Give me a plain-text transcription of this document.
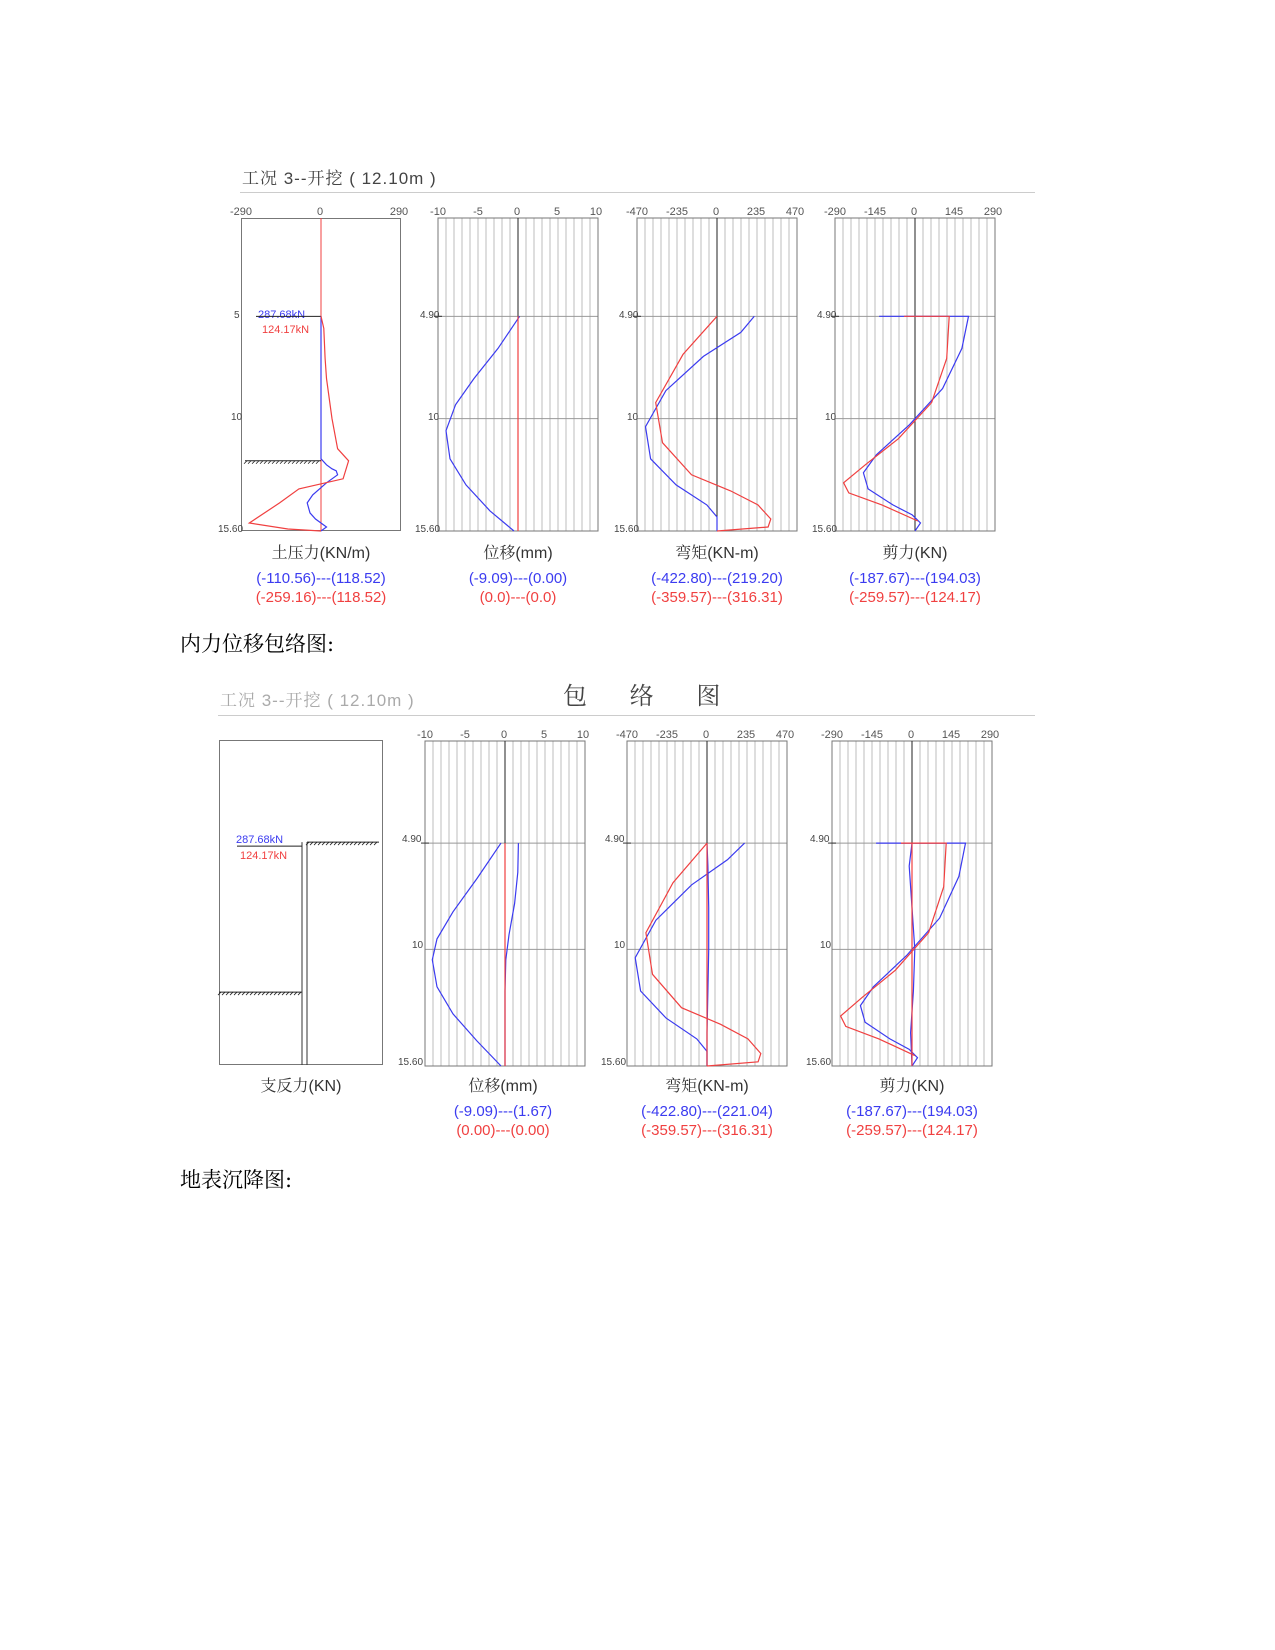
工况 3--开挖 ( 12.10m )
-290	0	290
5
10
15.60
287.68kN
124.17kN
土压力(KN/m)
(-110.56)---(118.52)
(-259.16)---(118.52)
-10 -5	0	5	10
4.90
10
15.60
位移(mm)
(-9.09)---(0.00)
(0.0)---(0.0)
-470 -235 0	235 470
4.90
10
15.60
弯矩(KN-m)
(-422.80)---(219.20)
(-359.57)---(316.31)
-290 -145 0	145 290
4.90
10
15.60
剪力(KN)
(-187.67)---(194.03)
(-259.57)---(124.17)
内力位移包络图:
工况 3--开挖 ( 12.10m )	包 络 图
287.68kN
124.17kN
支反力(KN)
-10 -5	0	5	10
4.90
10
15.60
位移(mm)
(-9.09)---(1.67)
(0.00)---(0.00)
-470 -235 0	235 470
4.90
10
15.60
弯矩(KN-m)
(-422.80)---(221.04)
(-359.57)---(316.31)
-290 -145 0	145 290
4.90
10
15.60
剪力(KN)
(-187.67)---(194.03)
(-259.57)---(124.17)
地表沉降图:
